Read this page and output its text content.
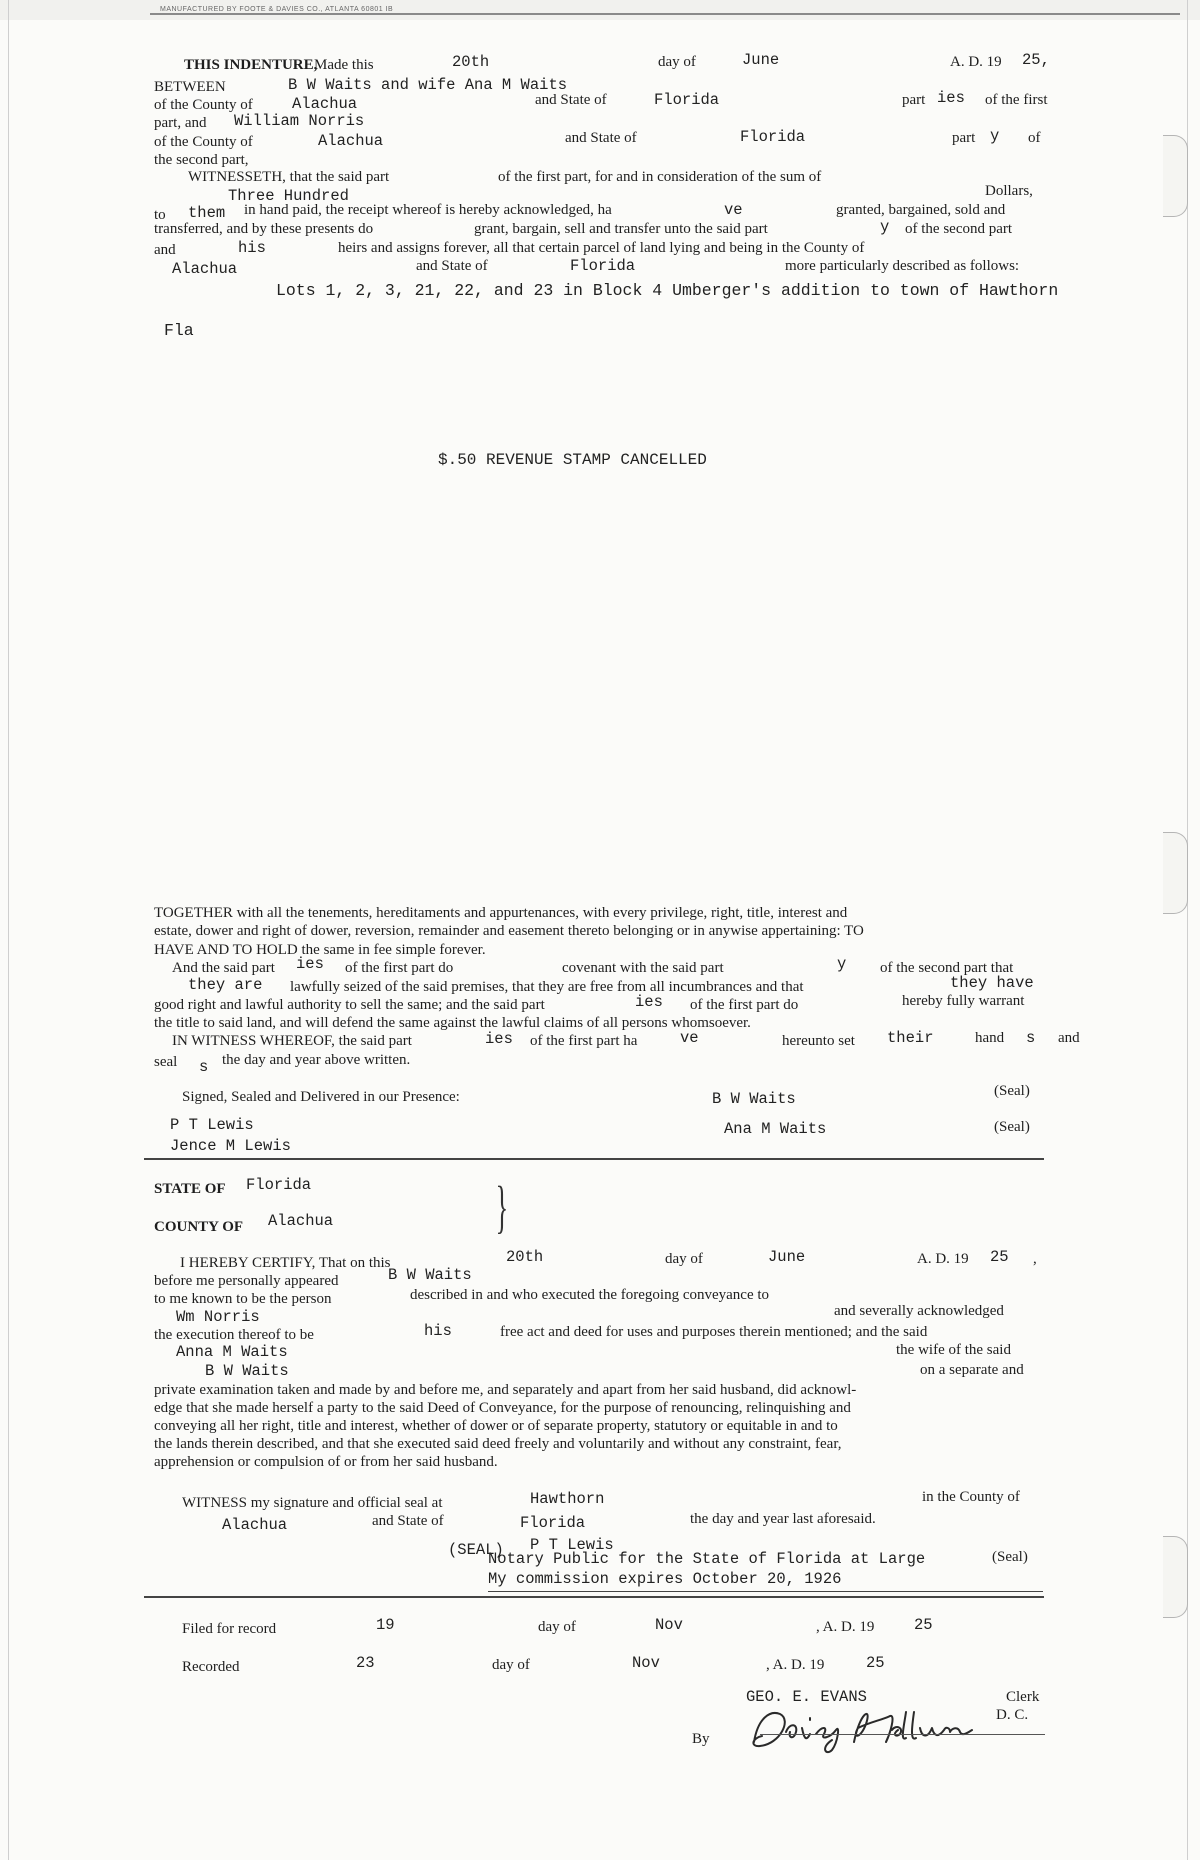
MANUFACTURED BY FOOTE & DAVIES CO., ATLANTA 60801 IB
THIS INDENTURE,
Made this	20th	day of	June	A. D. 19 25,
BETWEEN	B W Waits and wife Ana M Waits
of the County of	Alachua	and State of	Florida	part ies of the first
part, and William Norris
of the County of	Alachua	and State of	Florida	part y of
the second part,
WITNESSETH, that the said part	of the first part, for and in consideration of the sum of
Three Hundred	Dollars,
to them in hand paid, the receipt whereof is hereby acknowledged, ha	ve	granted, bargained, sold and
transferred, and by these presents do	grant, bargain, sell and transfer unto the said part	y of the second part
and	his	heirs and assigns forever, all that certain parcel of land lying and being in the County of
Alachua	and State of	Florida	more particularly described as follows:
Lots 1, 2, 3, 21, 22, and 23 in Block 4 Umberger's addition to town of Hawthorn
Fla
$.50 REVENUE STAMP CANCELLED
TOGETHER with all the tenements, hereditaments and appurtenances, with every privilege, right, title, interest and
estate, dower and right of dower, reversion, remainder and easement thereto belonging or in anywise appertaining: TO
HAVE AND TO HOLD the same in fee simple forever.
And the said part ies of the first part do	covenant with the said part	y of the second part that
they are lawfully seized of the said premises, that they are free from all incumbrances and that	they have
good right and lawful authority to sell the same; and the said part	ies of the first part do	hereby fully warrant
the title to said land, and will defend the same against the lawful claims of all persons whomsoever.
IN WITNESS WHEREOF, the said part	ies of the first part ha	ve	hereunto set their	hand s and
seal s the day and year above written.
Signed, Sealed and Delivered in our Presence:	B W Waits	(Seal)
P T Lewis	Ana M Waits	(Seal)
Jence M Lewis
STATE OF Florida
COUNTY OF Alachua	}
I HEREBY CERTIFY, That on this	20th	day of	June	A. D. 19 25 ,
before me personally appeared	B W Waits
to me known to be the person	described in and who executed the foregoing conveyance to
Wm Norris	and severally acknowledged
the execution thereof to be	his	free act and deed for uses and purposes therein mentioned; and the said
Anna M Waits	the wife of the said
B W Waits	on a separate and
private examination taken and made by and before me, and separately and apart from her said husband, did acknowl-
edge that she made herself a party to the said Deed of Conveyance, for the purpose of renouncing, relinquishing and
conveying all her right, title and interest, whether of dower or of separate property, statutory or equitable in and to
the lands therein described, and that she executed said deed freely and voluntarily and without any constraint, fear,
apprehension or compulsion of or from her said husband.
WITNESS my signature and official seal at	Hawthorn	in the County of
Alachua	and State of	Florida	the day and year last aforesaid.
(SEAL) P T Lewis
Notary Public for the State of Florida at Large	(Seal)
My commission expires October 20, 1926
Filed for record	19	day of	Nov	, A. D. 19	25
Recorded	23	day of	Nov	, A. D. 19	25
GEO. E. EVANS	Clerk
By
D. C.
